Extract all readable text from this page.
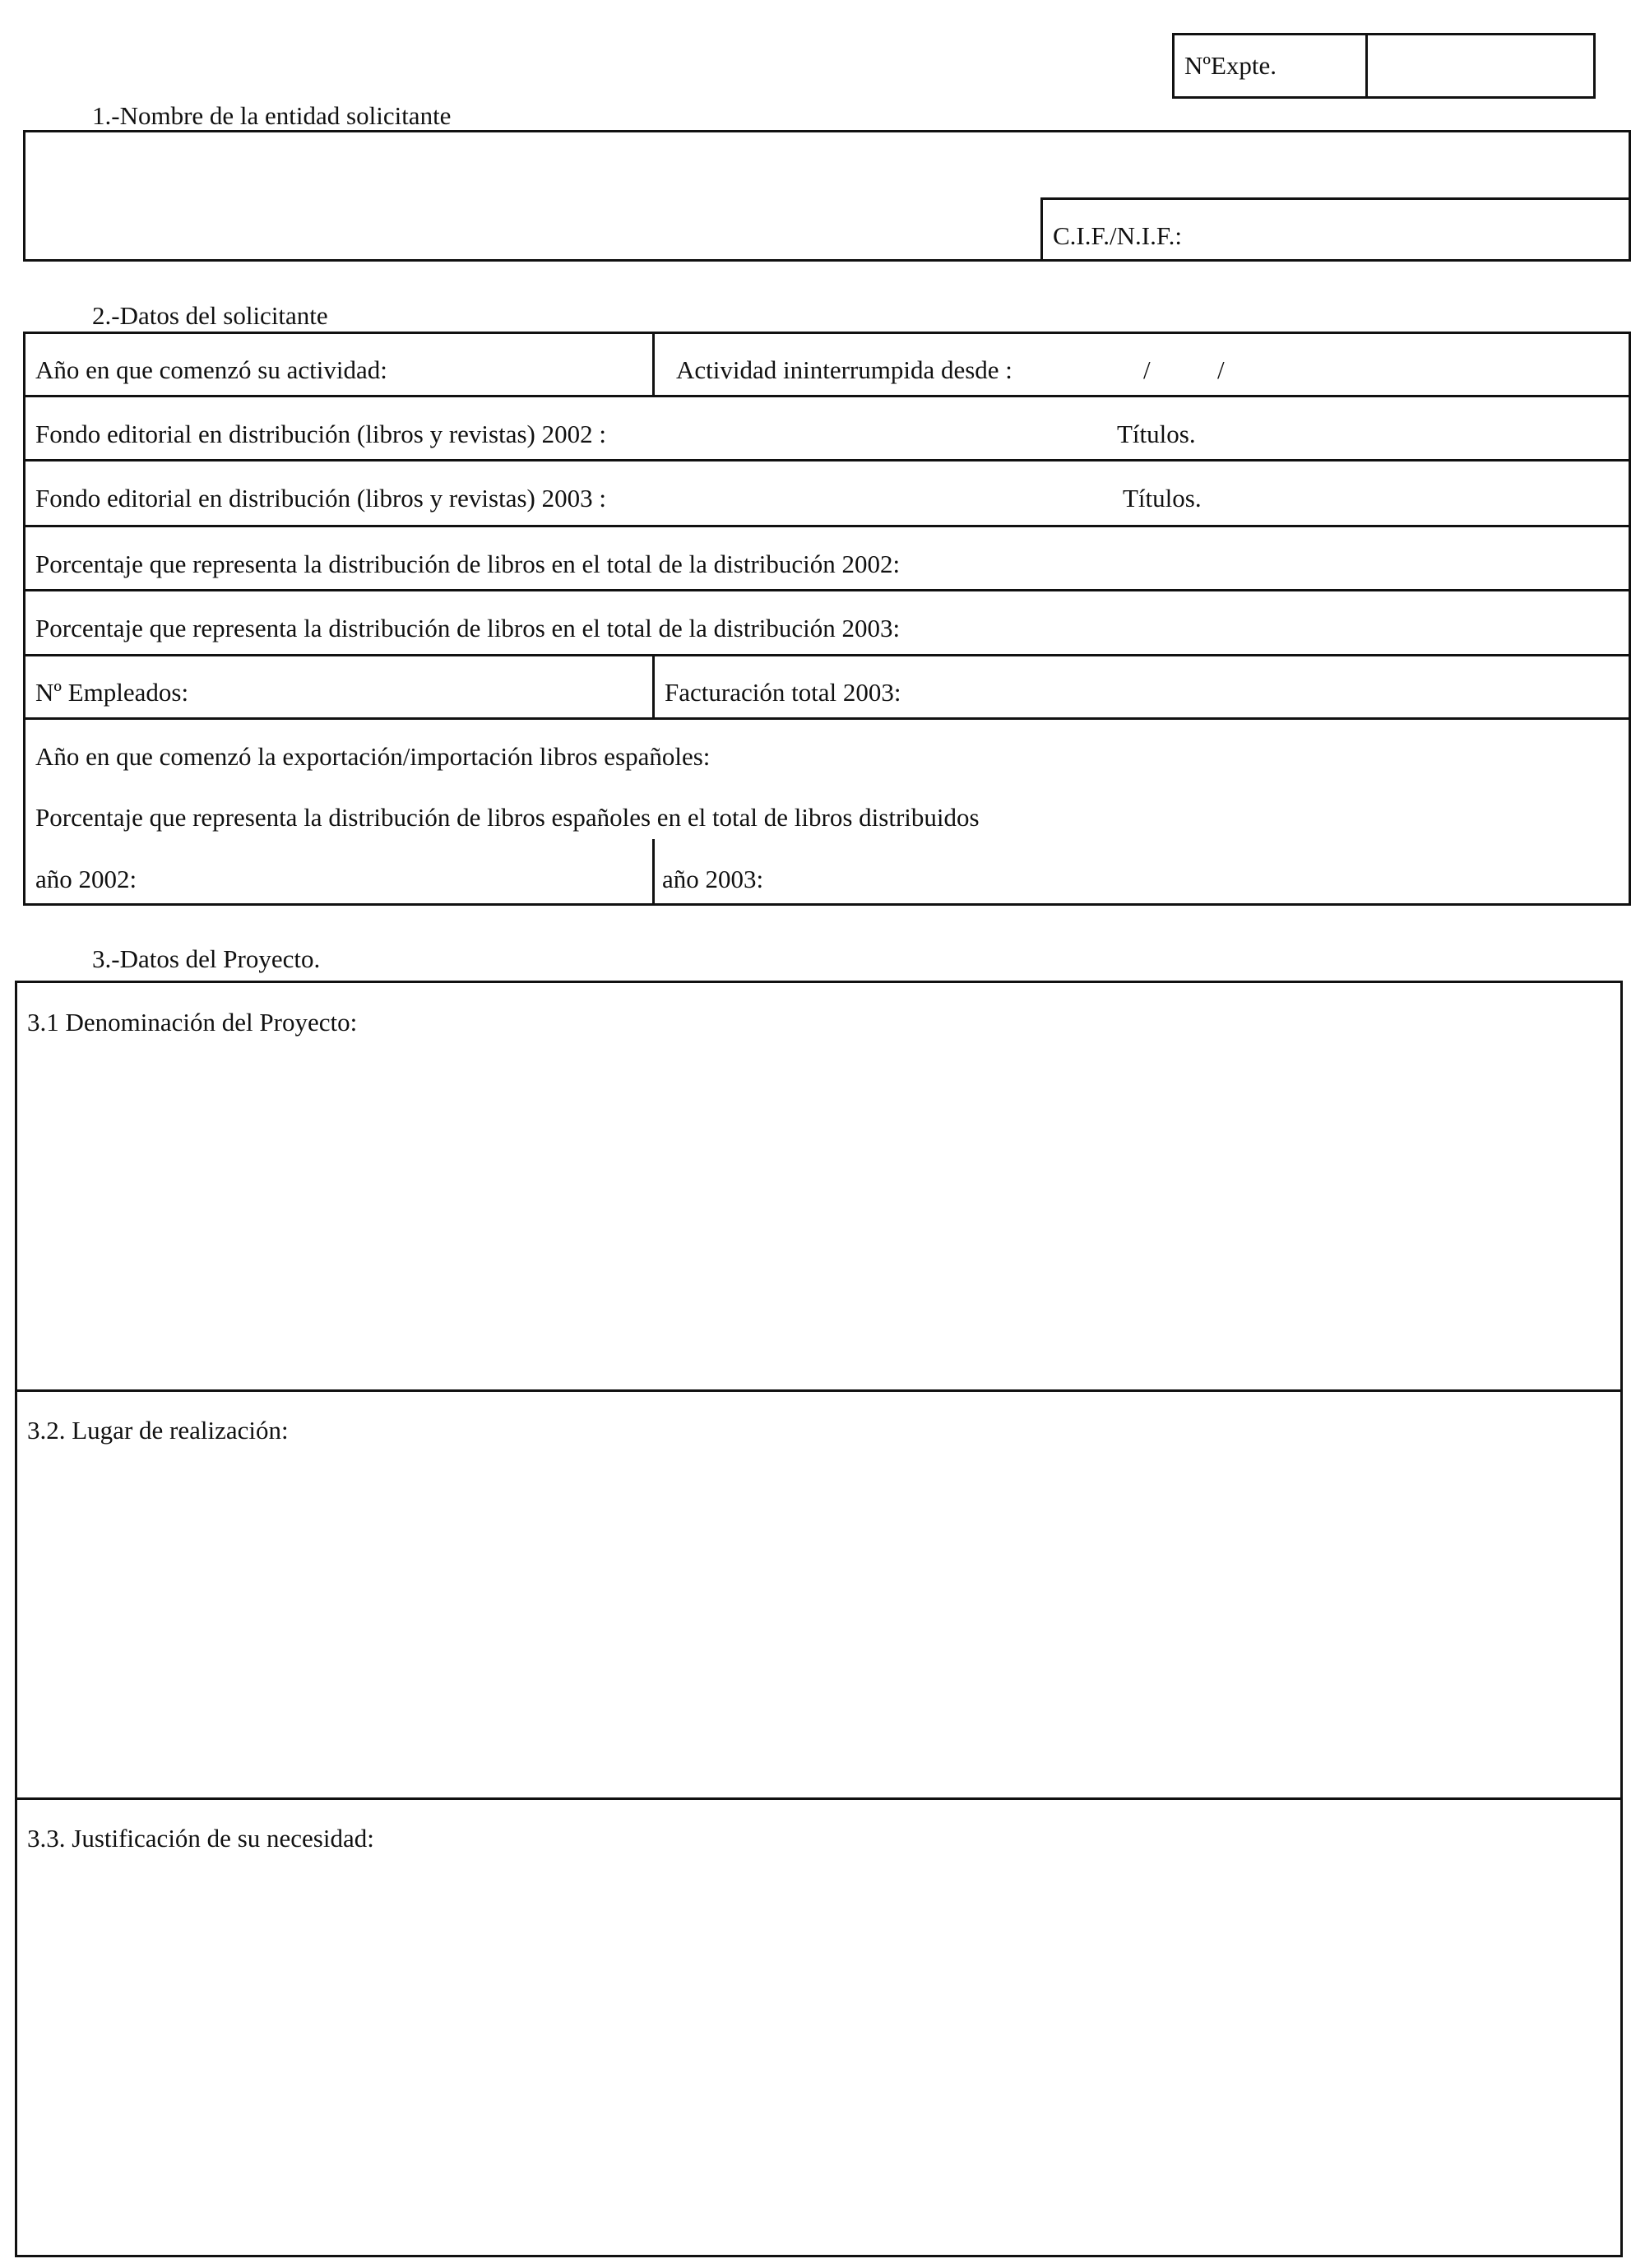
NºExpte.
1.-Nombre de la entidad solicitante
C.I.F./N.I.F.:
2.-Datos del solicitante
Año en que comenzó su actividad:	Actividad ininterrumpida desde :	/	/
Fondo editorial en distribución (libros y revistas) 2002 :	Títulos.
Fondo editorial en distribución (libros y revistas) 2003 :	Títulos.
Porcentaje que representa la distribución de libros en el total de la distribución 2002:
Porcentaje que representa la distribución de libros en el total de la distribución 2003:
Nº Empleados:	Facturación total 2003:
Año en que comenzó la exportación/importación libros españoles:
Porcentaje que representa la distribución de libros españoles en el total de libros distribuidos
año 2002:	año 2003:
3.-Datos del Proyecto.
3.1 Denominación del Proyecto:
3.2. Lugar de realización:
3.3. Justificación de su necesidad:
